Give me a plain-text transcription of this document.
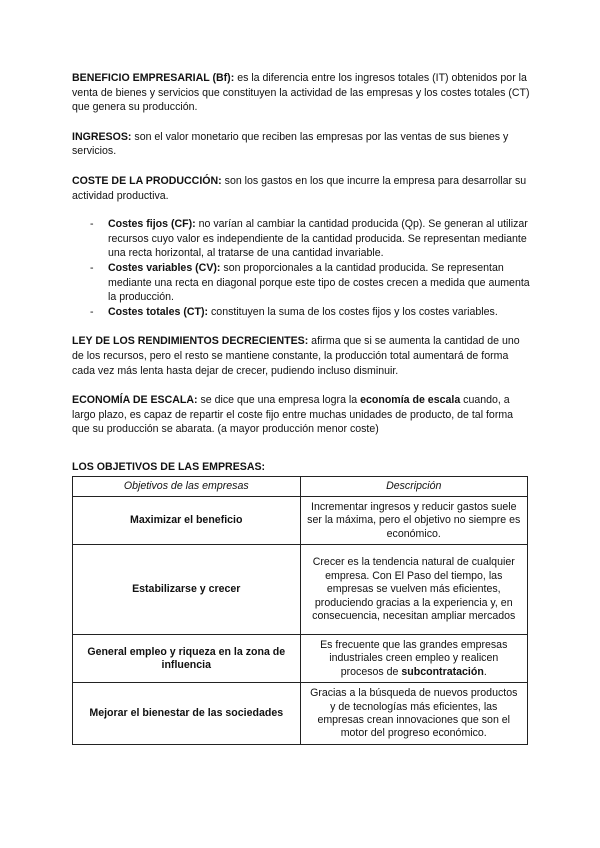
BENEFICIO EMPRESARIAL (Bf): es la diferencia entre los ingresos totales (IT) obtenidos por la venta de bienes y servicios que constituyen la actividad de las empresas y los costes totales (CT) que genera su producción.

INGRESOS: son el valor monetario que reciben las empresas por las ventas de sus bienes y servicios.

COSTE DE LA PRODUCCIÓN: son los gastos en los que incurre la empresa para desarrollar su actividad productiva.

- Costes fijos (CF): no varían al cambiar la cantidad producida (Qp). Se generan al utilizar recursos cuyo valor es independiente de la cantidad producida. Se representan mediante una recta horizontal, al tratarse de una cantidad invariable.
- Costes variables (CV): son proporcionales a la cantidad producida. Se representan mediante una recta en diagonal porque este tipo de costes crecen a medida que aumenta la producción.
- Costes totales (CT): constituyen la suma de los costes fijos y los costes variables.

LEY DE LOS RENDIMIENTOS DECRECIENTES: afirma que si se aumenta la cantidad de uno de los recursos, pero el resto se mantiene constante, la producción total aumentará de forma cada vez más lenta hasta dejar de crecer, pudiendo incluso disminuir.

ECONOMÍA DE ESCALA: se dice que una empresa logra la economía de escala cuando, a largo plazo, es capaz de repartir el coste fijo entre muchas unidades de producto, de tal forma que su producción se abarata. (a mayor producción menor coste)

LOS OBJETIVOS DE LAS EMPRESAS:

Objetivos de las empresas	Descripción
Maximizar el beneficio	Incrementar ingresos y reducir gastos suele ser la máxima, pero el objetivo no siempre es económico.
Estabilizarse y crecer	Crecer es la tendencia natural de cualquier empresa. Con El Paso del tiempo, las empresas se vuelven más eficientes, produciendo gracias a la experiencia y, en consecuencia, necesitan ampliar mercados
General empleo y riqueza en la zona de influencia	Es frecuente que las grandes empresas industriales creen empleo y realicen procesos de subcontratación.
Mejorar el bienestar de las sociedades	Gracias a la búsqueda de nuevos productos y de tecnologías más eficientes, las empresas crean innovaciones que son el motor del progreso económico.
